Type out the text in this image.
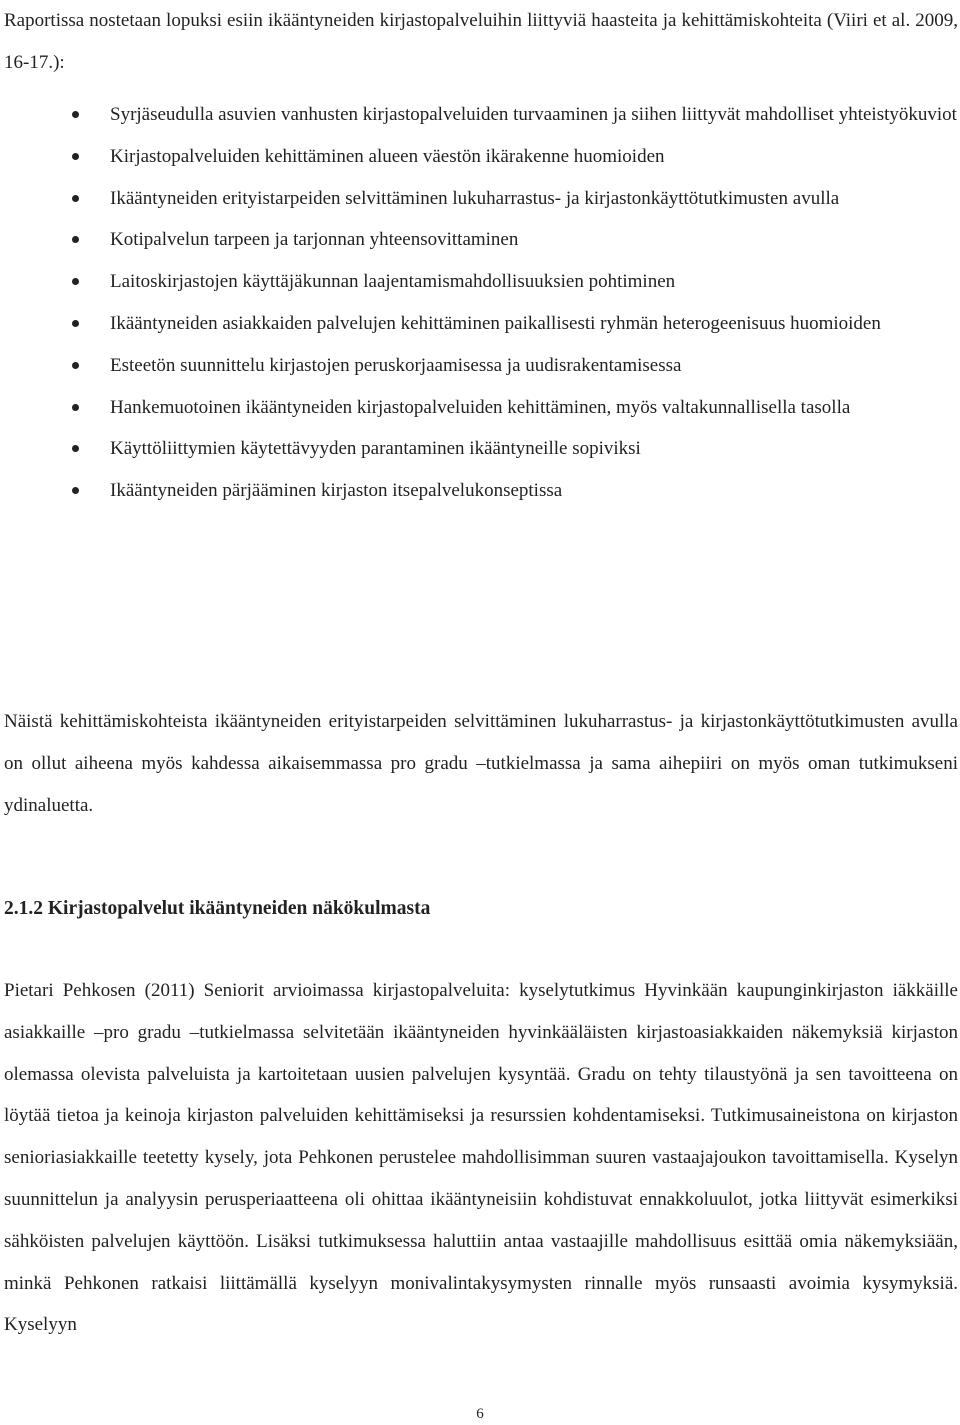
Raportissa nostetaan lopuksi esiin ikääntyneiden kirjastopalveluihin liittyviä haasteita ja kehittämiskohteita (Viiri et al. 2009, 16-17.):

Syrjäseudulla asuvien vanhusten kirjastopalveluiden turvaaminen ja siihen liittyvät mahdolliset yhteistyökuviot
Kirjastopalveluiden kehittäminen alueen väestön ikärakenne huomioiden
Ikääntyneiden erityistarpeiden selvittäminen lukuharrastus- ja kirjastonkäyttötutkimusten avulla
Kotipalvelun tarpeen ja tarjonnan yhteensovittaminen
Laitoskirjastojen käyttäjäkunnan laajentamismahdollisuuksien pohtiminen
Ikääntyneiden asiakkaiden palvelujen kehittäminen paikallisesti ryhmän heterogeenisuus huomioiden
Esteetön suunnittelu kirjastojen peruskorjaamisessa ja uudisrakentamisessa
Hankemuotoinen ikääntyneiden kirjastopalveluiden kehittäminen, myös valtakunnallisella tasolla
Käyttöliittymien käytettävyyden parantaminen ikääntyneille sopiviksi
Ikääntyneiden pärjääminen kirjaston itsepalvelukonseptissa

Näistä kehittämiskohteista ikääntyneiden erityistarpeiden selvittäminen lukuharrastus- ja kirjastonkäyttötutkimusten avulla on ollut aiheena myös kahdessa aikaisemmassa pro gradu –tutkielmassa ja sama aihepiiri on myös oman tutkimukseni ydinaluetta.

2.1.2 Kirjastopalvelut ikääntyneiden näkökulmasta

Pietari Pehkosen (2011) Seniorit arvioimassa kirjastopalveluita: kyselytutkimus Hyvinkään kaupunginkirjaston iäkkäille asiakkaille –pro gradu –tutkielmassa selvitetään ikääntyneiden hyvinkääläisten kirjastoasiakkaiden näkemyksiä kirjaston olemassa olevista palveluista ja kartoitetaan uusien palvelujen kysyntää. Gradu on tehty tilaustyönä ja sen tavoitteena on löytää tietoa ja keinoja kirjaston palveluiden kehittämiseksi ja resurssien kohdentamiseksi. Tutkimusaineistona on kirjaston senioriasiakkaille teetetty kysely, jota Pehkonen perustelee mahdollisimman suuren vastaajajoukon tavoittamisella. Kyselyn suunnittelun ja analyysin perusperiaatteena oli ohittaa ikääntyneisiin kohdistuvat ennakkoluulot, jotka liittyvät esimerkiksi sähköisten palvelujen käyttöön. Lisäksi tutkimuksessa haluttiin antaa vastaajille mahdollisuus esittää omia näkemyksiään, minkä Pehkonen ratkaisi liittämällä kyselyyn monivalintakysymysten rinnalle myös runsaasti avoimia kysymyksiä. Kyselyyn

6
